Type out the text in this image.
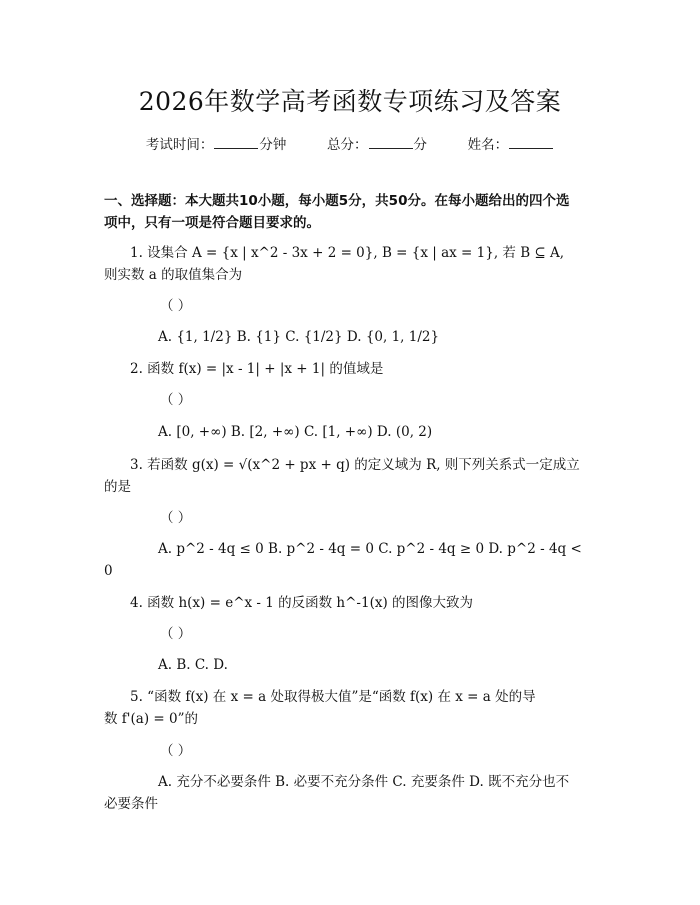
2026年数学高考函数专项练习及答案
考试时间：	分钟	总分：	分	姓名：
一、选择题：本大题共10小题，每小题5分，共50分。在每小题给出的四个选
项中，只有一项是符合题目要求的。
1. 设集合 A = {x | x^2 - 3x + 2 = 0}, B = {x | ax = 1}, 若 B ⊆ A,
则实数 a 的取值集合为
（ ）
A. {1, 1/2} B. {1} C. {1/2} D. {0, 1, 1/2}
2. 函数 f(x) = |x - 1| + |x + 1| 的值域是
（ ）
A. [0, +∞) B. [2, +∞) C. [1, +∞) D. (0, 2)
3. 若函数 g(x) = √(x^2 + px + q) 的定义域为 R, 则下列关系式一定成立
的是
（ ）
A. p^2 - 4q ≤ 0 B. p^2 - 4q = 0 C. p^2 - 4q ≥ 0 D. p^2 - 4q <
0
4. 函数 h(x) = e^x - 1 的反函数 h^-1(x) 的图像大致为
（ ）
A. B. C. D.
5. “函数 f(x) 在 x = a 处取得极大值”是“函数 f(x) 在 x = a 处的导
数 f'(a) = 0”的
（ ）
A. 充分不必要条件 B. 必要不充分条件 C. 充要条件 D. 既不充分也不
必要条件
